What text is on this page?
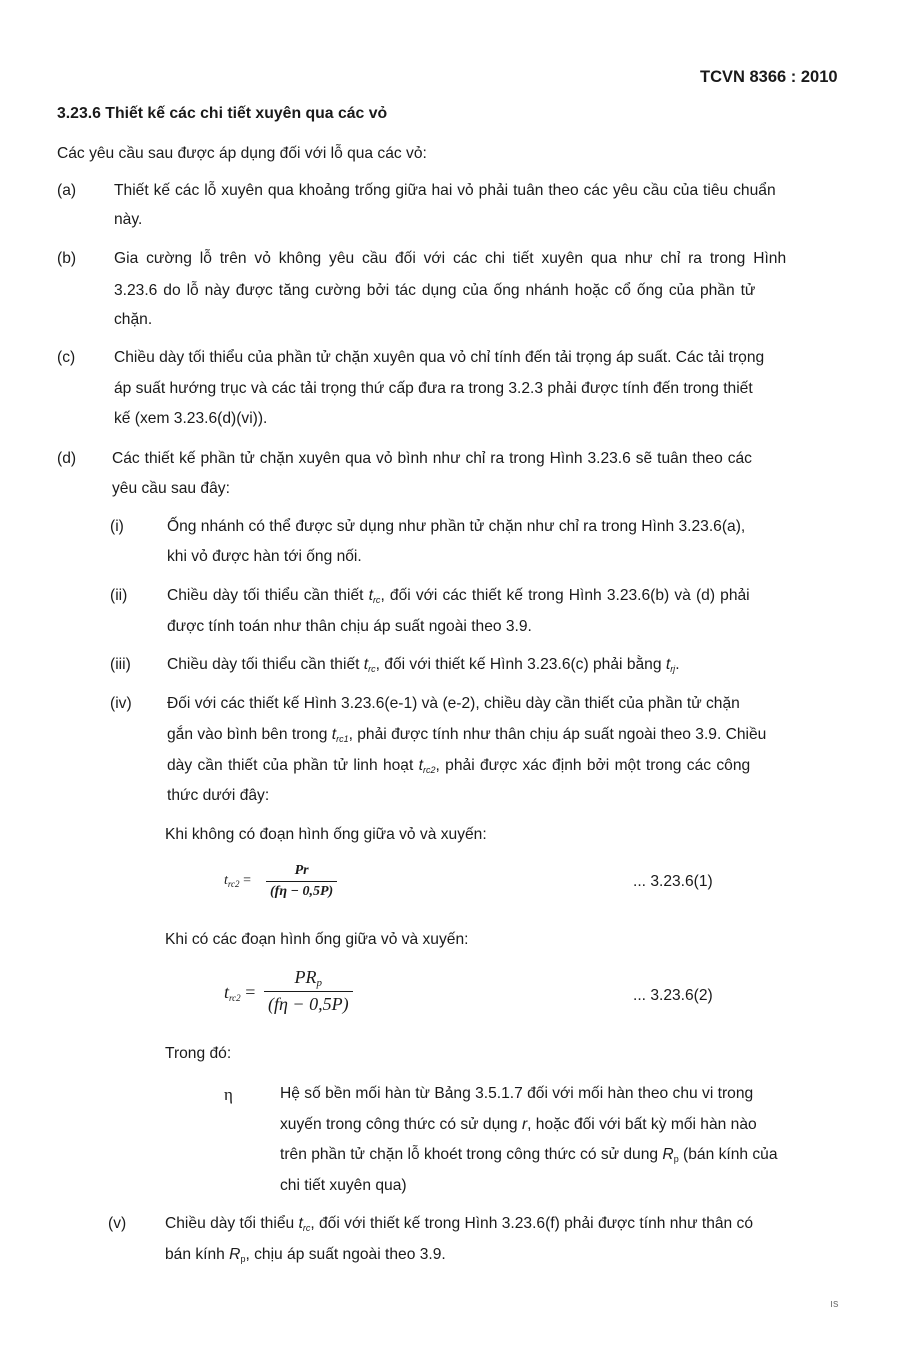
TCVN 8366 : 2010
3.23.6 Thiết kế các chi tiết xuyên qua các vỏ
Các yêu cầu sau được áp dụng đối với lỗ qua các vỏ:
(a) Thiết kế các lỗ xuyên qua khoảng trống giữa hai vỏ phải tuân theo các yêu cầu của tiêu chuẩn
này.
(b) Gia cường lỗ trên vỏ không yêu cầu đối với các chi tiết xuyên qua như chỉ ra trong Hình
3.23.6 do lỗ này được tăng cường bởi tác dụng của ống nhánh hoặc cổ ống của phần tử
chặn.
(c) Chiều dày tối thiểu của phần tử chặn xuyên qua vỏ chỉ tính đến tải trọng áp suất. Các tải trọng
áp suất hướng trục và các tải trọng thứ cấp đưa ra trong 3.2.3 phải được tính đến trong thiết
kế (xem 3.23.6(d)(vi)).
(d) Các thiết kế phần tử chặn xuyên qua vỏ bình như chỉ ra trong Hình 3.23.6 sẽ tuân theo các
yêu cầu sau đây:
(i)	Ống nhánh có thể được sử dụng như phần tử chặn như chỉ ra trong Hình 3.23.6(a),
khi vỏ được hàn tới ống nối.
(ii)	Chiều dày tối thiểu cần thiết $t_{rc}$, đối với các thiết kế trong Hình 3.23.6(b) và (d) phải
được tính toán như thân chịu áp suất ngoài theo 3.9.
(iii) Chiều dày tối thiểu cần thiết $t_{rc}$, đối với thiết kế Hình 3.23.6(c) phải bằng $t_{rj}$.
(iv) Đối với các thiết kế Hình 3.23.6(e-1) và (e-2), chiều dày cần thiết của phần tử chặn
gắn vào bình bên trong $t_{rc1}$, phải được tính như thân chịu áp suất ngoài theo 3.9. Chiều
dày cần thiết của phần tử linh hoạt $t_{rc2}$, phải được xác định bởi một trong các công
thức dưới đây:
Khi không có đoạn hình ống giữa vỏ và xuyến:
$t_{rc2} = \frac{Pr}{(f\eta - 0,5P)}$	... 3.23.6(1)
Khi có các đoạn hình ống giữa vỏ và xuyến:
$t_{rc2}$ =
$PR_p$
(fη − 0,5P)	... 3.23.6(2)
Trong đó:
η	Hệ số bền mối hàn từ Bảng 3.5.1.7 đối với mối hàn theo chu vi trong
xuyến trong công thức có sử dụng r, hoặc đối với bất kỳ mối hàn nào
trên phần tử chặn lỗ khoét trong công thức có sử dung $R_p$ (bán kính của
chi tiết xuyên qua)
(v) Chiều dày tối thiểu $t_{rc}$, đối với thiết kế trong Hình 3.23.6(f) phải được tính như thân có
bán kính $R_p$, chịu áp suất ngoài theo 3.9.
ıs
